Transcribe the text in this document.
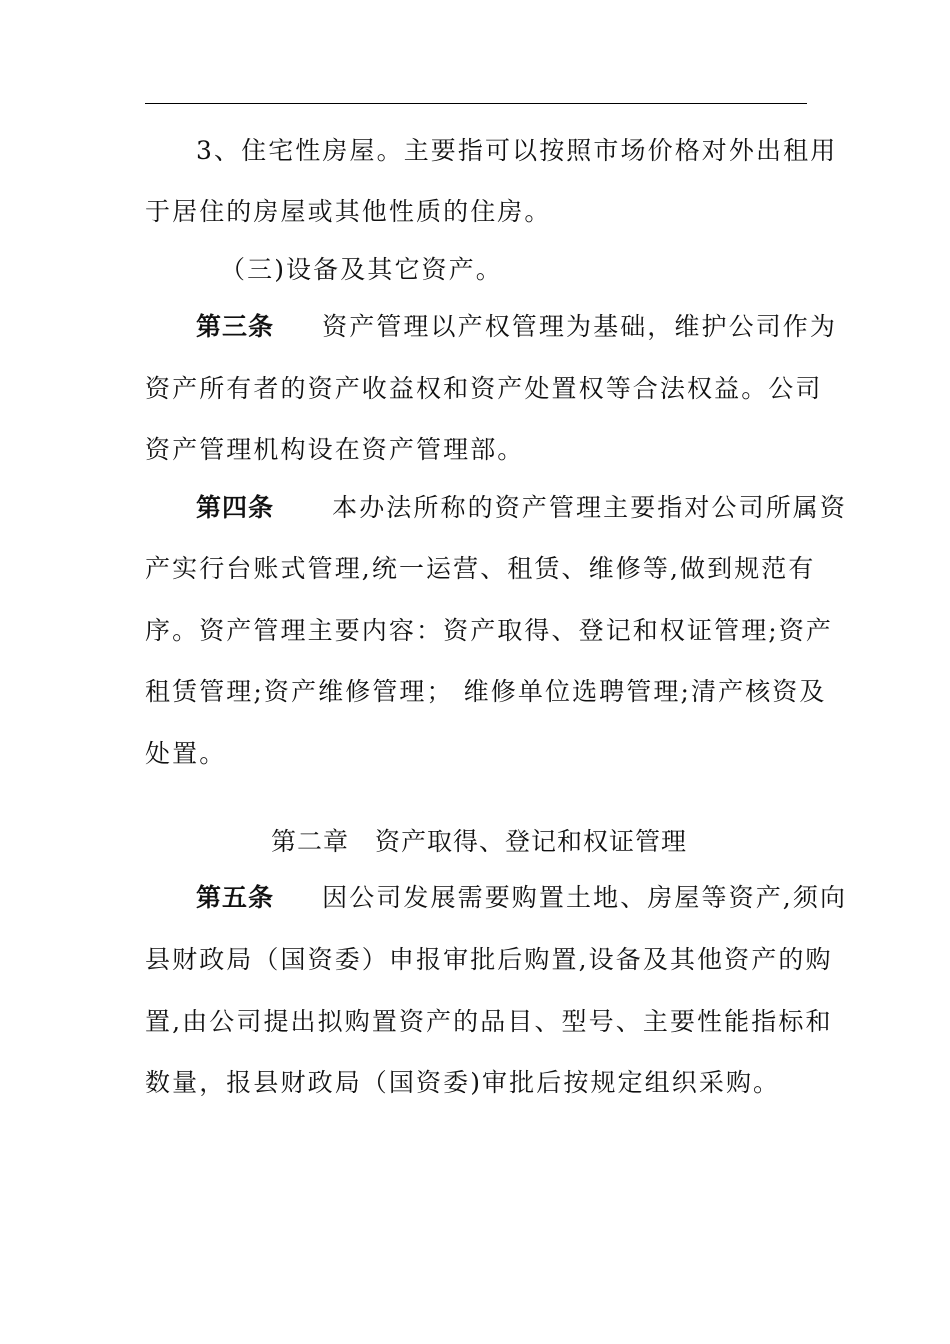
3、住宅性房屋。主要指可以按照市场价格对外出租用
于居住的房屋或其他性质的住房。
（三)设备及其它资产。
第三条 资产管理以产权管理为基础，维护公司作为
资产所有者的资产收益权和资产处置权等合法权益。公司
资产管理机构设在资产管理部。
第四条 本办法所称的资产管理主要指对公司所属资
产实行台账式管理,统一运营、租赁、维修等,做到规范有
序。资产管理主要内容：资产取得、登记和权证管理;资产
租赁管理;资产维修管理； 维修单位选聘管理;清产核资及
处置。
第二章　资产取得、登记和权证管理
第五条 因公司发展需要购置土地、房屋等资产,须向
县财政局（国资委）申报审批后购置,设备及其他资产的购
置,由公司提出拟购置资产的品目、型号、主要性能指标和
数量，报县财政局（国资委)审批后按规定组织采购。
